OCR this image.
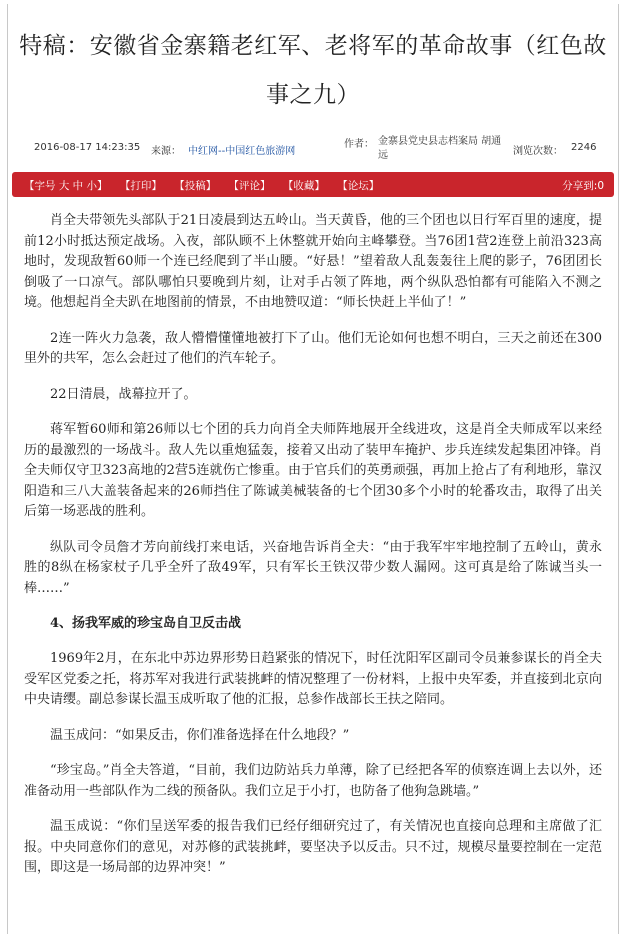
特稿：安徽省金寨籍老红军、老将军的革命故事（红色故事之九）
2016-08-17 14:23:35 来源： 中红网--中国红色旅游网
作者： 金寨县党史县志档案局 胡通远	浏览次数： 2246
【字号 大 中 小】 【打印】 【投稿】 【评论】 【收藏】 【论坛】	分享到:0

肖全夫带领先头部队于21日凌晨到达五岭山。当天黄昏，他的三个团也以日行军百里的速度，提前12小时抵达预定战场。入夜，部队顾不上休整就开始向主峰攀登。当76团1营2连登上前沿323高地时，发现敌暂60师一个连已经爬到了半山腰。“好悬！”望着敌人乱轰轰往上爬的影子，76团团长倒吸了一口凉气。部队哪怕只要晚到片刻，让对手占领了阵地，两个纵队恐怕都有可能陷入不测之境。他想起肖全夫趴在地图前的情景，不由地赞叹道：“师长快赶上半仙了！”

2连一阵火力急袭，敌人懵懵懂懂地被打下了山。他们无论如何也想不明白，三天之前还在300里外的共军，怎么会赶过了他们的汽车轮子。

22日清晨，战幕拉开了。

蒋军暂60师和第26师以七个团的兵力向肖全夫师阵地展开全线进攻，这是肖全夫师成军以来经历的最激烈的一场战斗。敌人先以重炮猛轰，接着又出动了装甲车掩护、步兵连续发起集团冲锋。肖全夫师仅守卫323高地的2营5连就伤亡惨重。由于官兵们的英勇顽强，再加上抢占了有利地形，靠汉阳造和三八大盖装备起来的26师挡住了陈诚美械装备的七个团30多个小时的轮番攻击，取得了出关后第一场恶战的胜利。

纵队司令员詹才芳向前线打来电话，兴奋地告诉肖全夫：“由于我军牢牢地控制了五岭山，黄永胜的8纵在杨家杖子几乎全歼了敌49军，只有军长王铁汉带少数人漏网。这可真是给了陈诚当头一棒……”

4、扬我军威的珍宝岛自卫反击战

1969年2月，在东北中苏边界形势日趋紧张的情况下，时任沈阳军区副司令员兼参谋长的肖全夫受军区党委之托，将苏军对我进行武装挑衅的情况整理了一份材料，上报中央军委，并直接到北京向中央请缨。副总参谋长温玉成听取了他的汇报，总参作战部长王扶之陪同。

温玉成问：“如果反击，你们准备选择在什么地段？”

“珍宝岛。”肖全夫答道，“目前，我们边防站兵力单薄，除了已经把各军的侦察连调上去以外，还准备动用一些部队作为二线的预备队。我们立足于小打，也防备了他狗急跳墙。”

温玉成说：“你们呈送军委的报告我们已经仔细研究过了，有关情况也直接向总理和主席做了汇报。中央同意你们的意见，对苏修的武装挑衅，要坚决予以反击。只不过，规模尽量要控制在一定范围，即这是一场局部的边界冲突！”
